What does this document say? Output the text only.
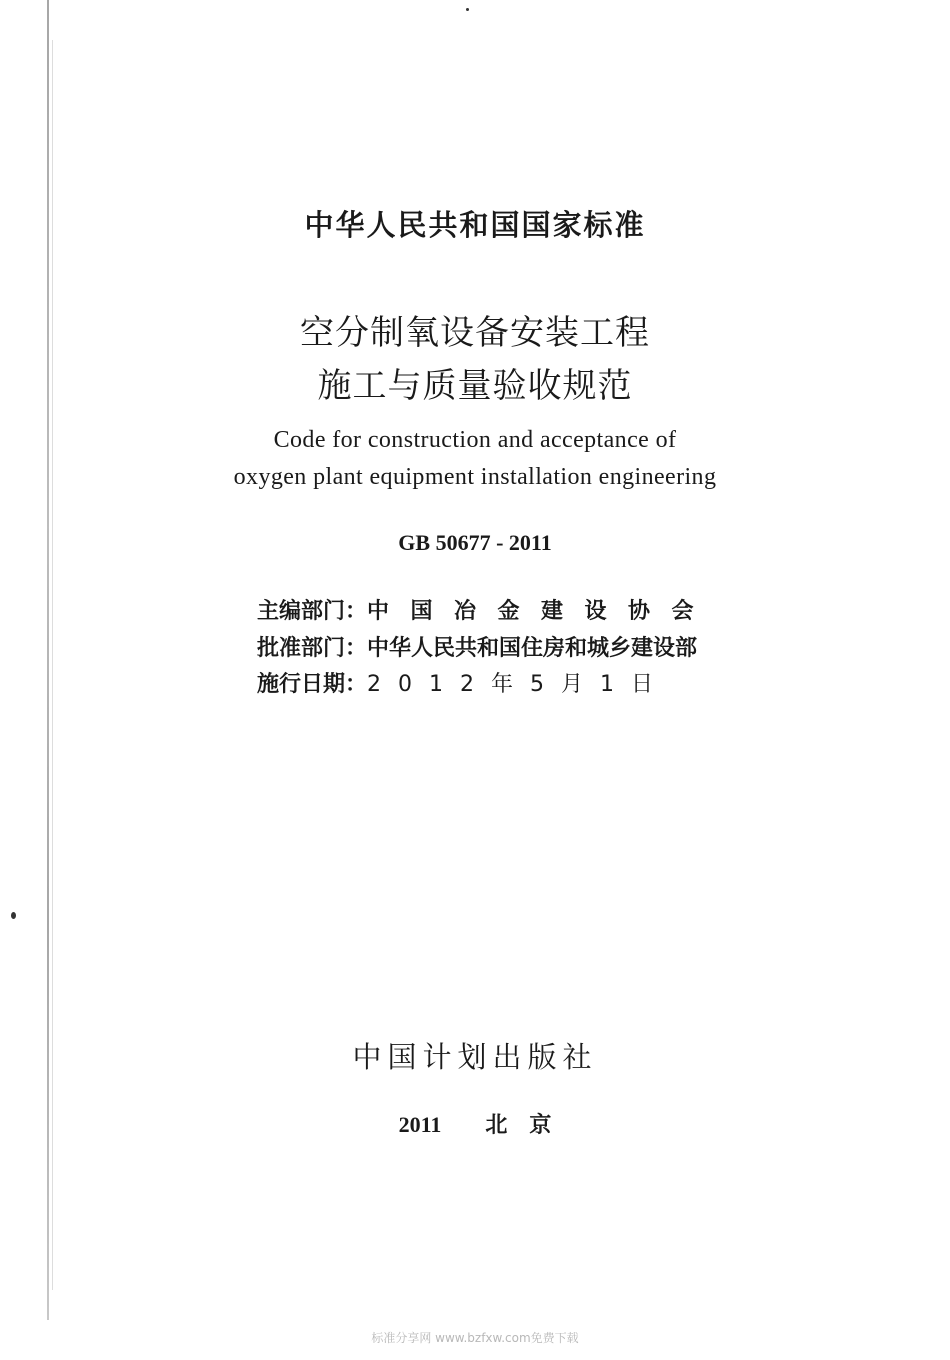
中华人民共和国国家标准
空分制氧设备安装工程
施工与质量验收规范
Code for construction and acceptance of
oxygen plant equipment installation engineering
GB 50677 - 2011
主编部门：中国冶金建设协会
批准部门：中华人民共和国住房和城乡建设部
施行日期：2012年5月1日
中国计划出版社
2011 北　京
标准分享网 www.bzfxw.com免费下载
